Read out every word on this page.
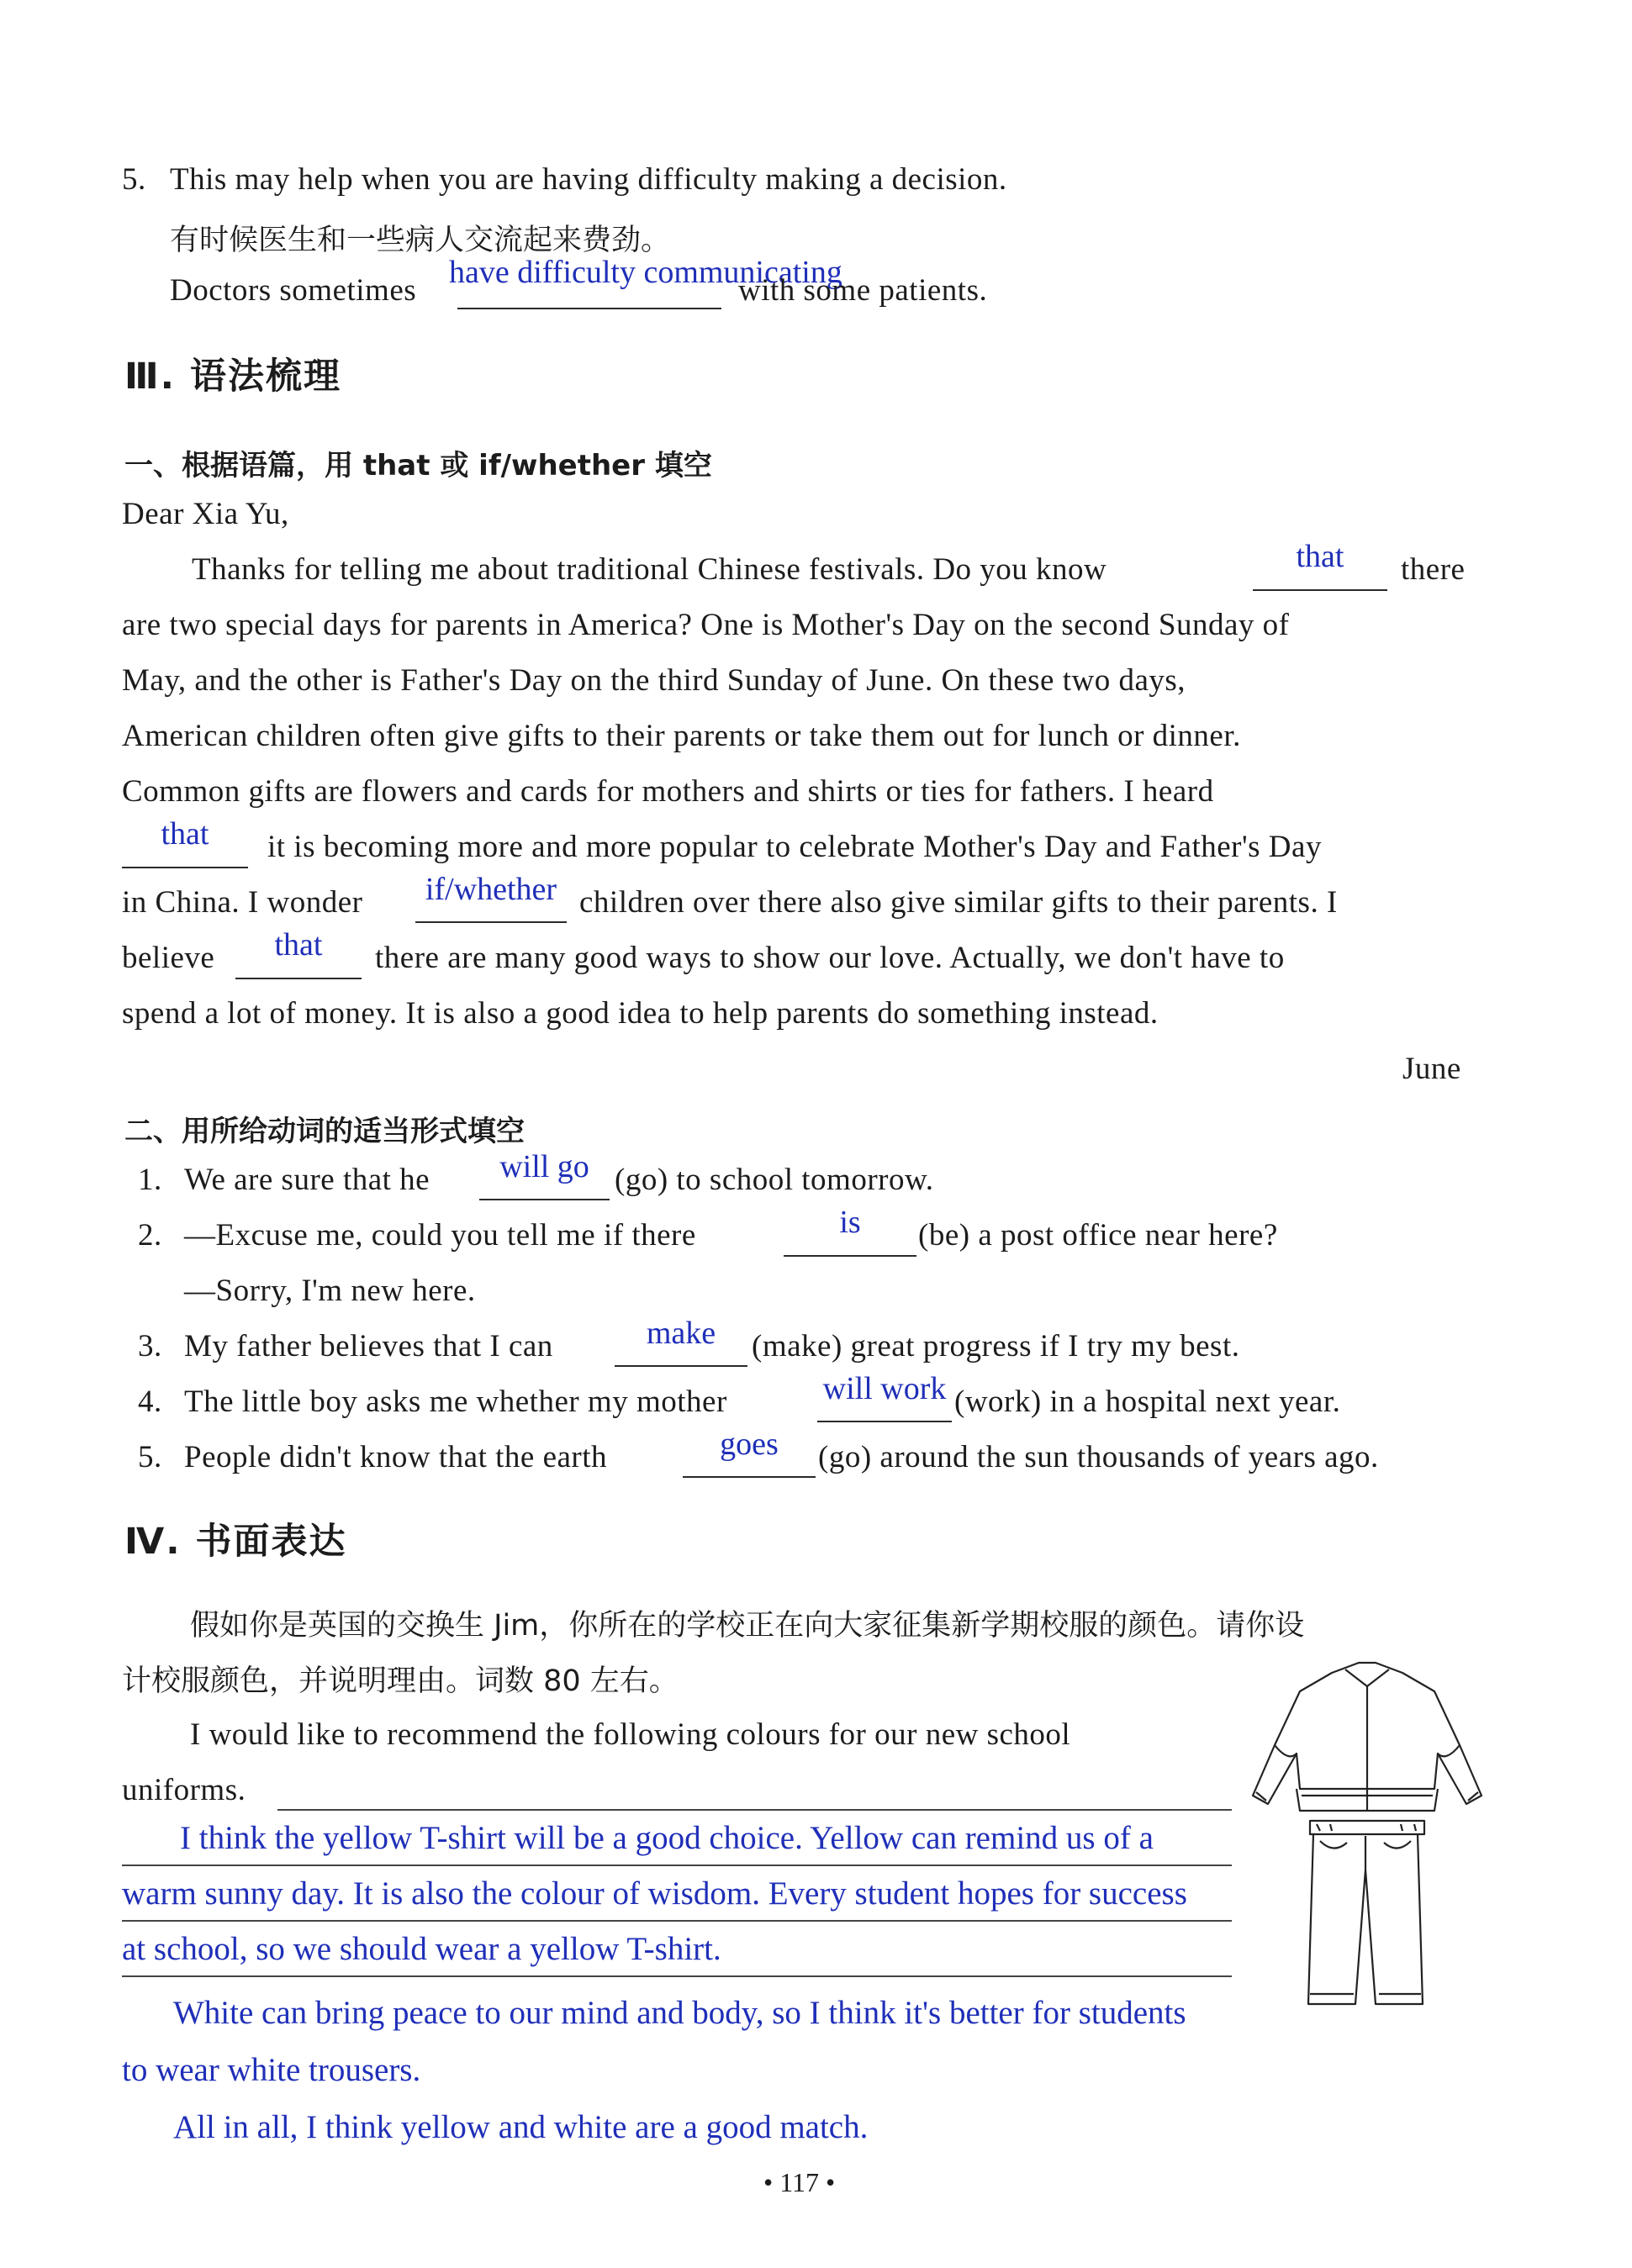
5. This may help when you are having difficulty making a decision.
有时候医生和一些病人交流起来费劲。
Doctors sometimes
have difficulty communicating
with some patients.
Ⅲ. 语法梳理
一、根据语篇，用 that 或 if/whether 填空
Dear Xia Yu,
Thanks for telling me about traditional Chinese festivals. Do you know	that	there
are two special days for parents in America? One is Mother's Day on the second Sunday of
May, and the other is Father's Day on the third Sunday of June. On these two days,
American children often give gifts to their parents or take them out for lunch or dinner.
Common gifts are flowers and cards for mothers and shirts or ties for fathers. I heard
that	it is becoming more and more popular to celebrate Mother's Day and Father's Day
in China. I wonder	if/whether children over there also give similar gifts to their parents. I
believe	that	there are many good ways to show our love. Actually, we don't have to
spend a lot of money. It is also a good idea to help parents do something instead.
June
二、用所给动词的适当形式填空
1. We are sure that he	will go (go) to school tomorrow.
2. —Excuse me, could you tell me if there	is	(be) a post office near here?
—Sorry, I'm new here.
3. My father believes that I can	make	(make) great progress if I try my best.
4. The little boy asks me whether my mother	will work (work) in a hospital next year.
5. People didn't know that the earth	goes	(go) around the sun thousands of years ago.
Ⅳ. 书面表达
假如你是英国的交换生 Jim，你所在的学校正在向大家征集新学期校服的颜色。请你设
计校服颜色，并说明理由。词数 80 左右。
I would like to recommend the following colours for our new school
uniforms.
I think the yellow T-shirt will be a good choice. Yellow can remind us of a
warm sunny day. It is also the colour of wisdom. Every student hopes for success
at school, so we should wear a yellow T-shirt.
White can bring peace to our mind and body, so I think it's better for students
to wear white trousers.
All in all, I think yellow and white are a good match.
• 117 •
